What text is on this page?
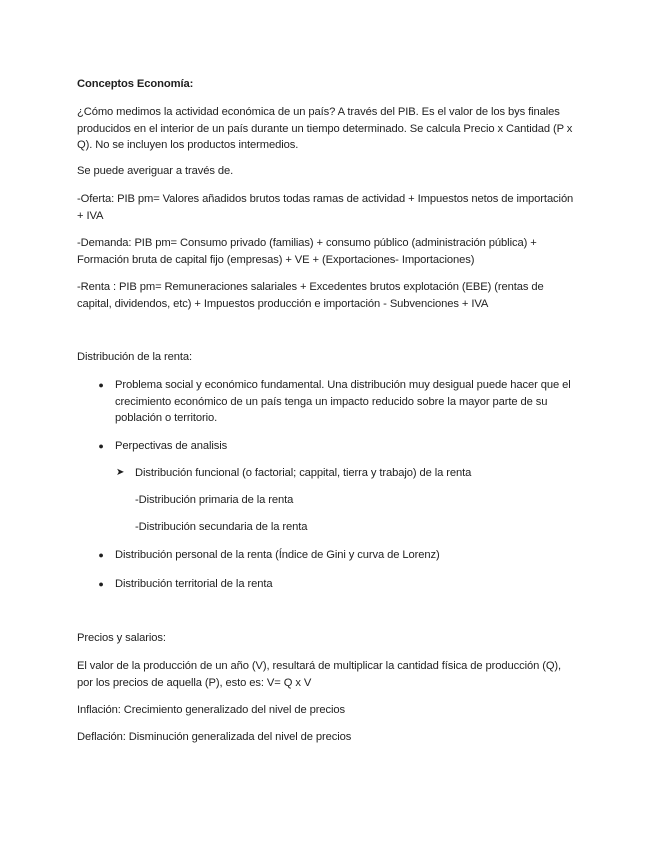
Conceptos Economía:

¿Cómo medimos la actividad económica de un país? A través del PIB. Es el valor de los bys finales producidos en el interior de un país durante un tiempo determinado. Se calcula Precio x Cantidad (P x Q). No se incluyen los productos intermedios.

Se puede averiguar a través de.

-Oferta: PIB pm= Valores añadidos brutos todas ramas de actividad + Impuestos netos de importación + IVA

-Demanda: PIB pm= Consumo privado (familias) + consumo público (administración pública) + Formación bruta de capital fijo (empresas) + VE + (Exportaciones- Importaciones)

-Renta : PIB pm= Remuneraciones salariales + Excedentes brutos explotación (EBE) (rentas de capital, dividendos, etc) + Impuestos producción e importación - Subvenciones + IVA

Distribución de la renta:

● Problema social y económico fundamental. Una distribución muy desigual puede hacer que el crecimiento económico de un país tenga un impacto reducido sobre la mayor parte de su población o territorio.
● Perpectivas de analisis
➤ Distribución funcional (o factorial; cappital, tierra y trabajo) de la renta
-Distribución primaria de la renta
-Distribución secundaria de la renta
● Distribución personal de la renta (Índice de Gini y curva de Lorenz)
● Distribución territorial de la renta

Precios y salarios:

El valor de la producción de un año (V), resultará de multiplicar la cantidad física de producción (Q), por los precios de aquella (P), esto es: V= Q x V

Inflación: Crecimiento generalizado del nivel de precios

Deflación: Disminución generalizada del nivel de precios
